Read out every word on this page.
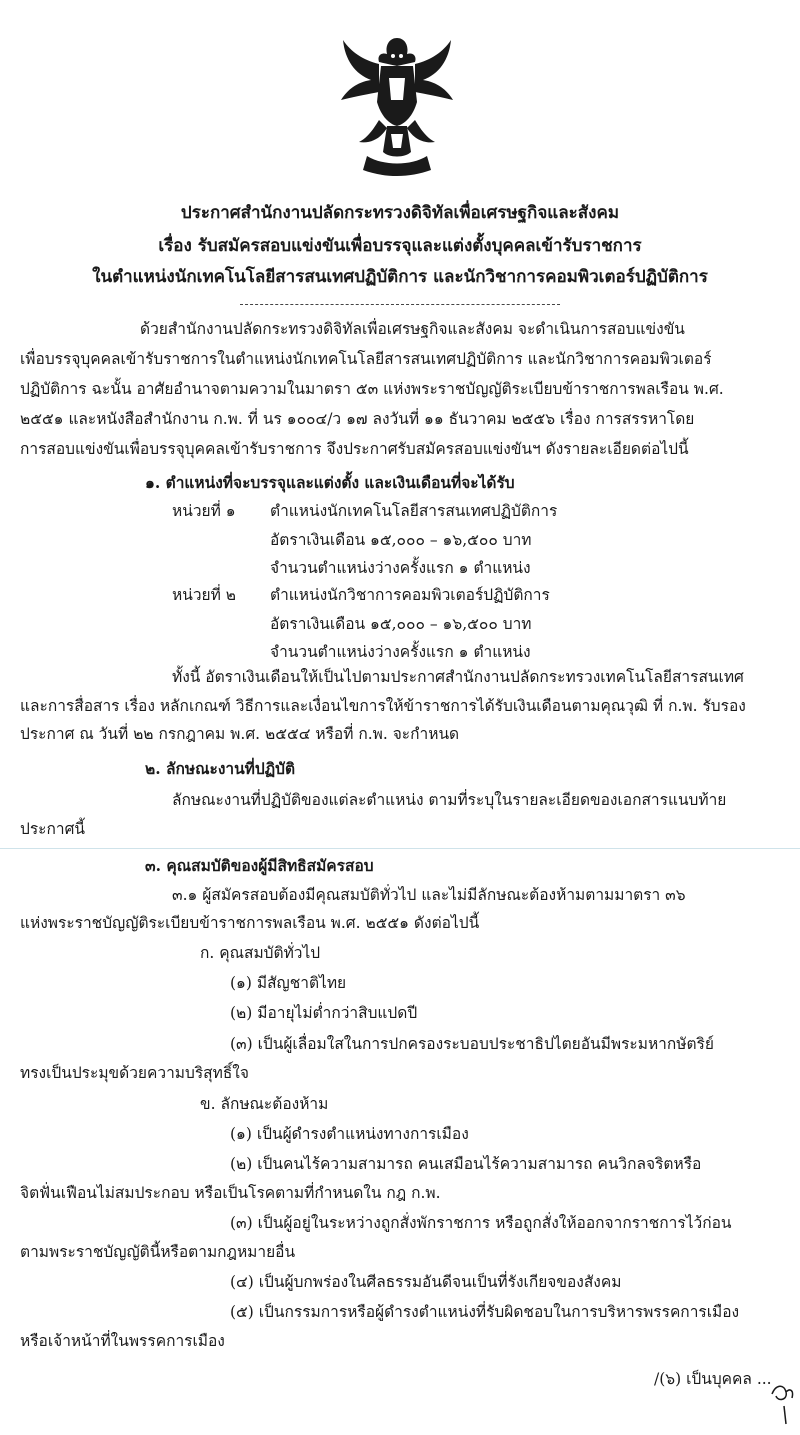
ประกาศสำนักงานปลัดกระทรวงดิจิทัลเพื่อเศรษฐกิจและสังคม
เรื่อง รับสมัครสอบแข่งขันเพื่อบรรจุและแต่งตั้งบุคคลเข้ารับราชการ
ในตำแหน่งนักเทคโนโลยีสารสนเทศปฏิบัติการ และนักวิชาการคอมพิวเตอร์ปฏิบัติการ
ด้วยสำนักงานปลัดกระทรวงดิจิทัลเพื่อเศรษฐกิจและสังคม จะดำเนินการสอบแข่งขัน
เพื่อบรรจุบุคคลเข้ารับราชการในตำแหน่งนักเทคโนโลยีสารสนเทศปฏิบัติการ และนักวิชาการคอมพิวเตอร์
ปฏิบัติการ ฉะนั้น อาศัยอำนาจตามความในมาตรา ๕๓ แห่งพระราชบัญญัติระเบียบข้าราชการพลเรือน พ.ศ.
๒๕๕๑ และหนังสือสำนักงาน ก.พ. ที่ นร ๑๐๐๔/ว ๑๗ ลงวันที่ ๑๑ ธันวาคม ๒๕๕๖ เรื่อง การสรรหาโดย
การสอบแข่งขันเพื่อบรรจุบุคคลเข้ารับราชการ จึงประกาศรับสมัครสอบแข่งขันฯ ดังรายละเอียดต่อไปนี้
๑. ตำแหน่งที่จะบรรจุและแต่งตั้ง และเงินเดือนที่จะได้รับ
หน่วยที่ ๑ ตำแหน่งนักเทคโนโลยีสารสนเทศปฏิบัติการ
อัตราเงินเดือน ๑๕,๐๐๐ – ๑๖,๕๐๐ บาท
จำนวนตำแหน่งว่างครั้งแรก ๑ ตำแหน่ง
หน่วยที่ ๒ ตำแหน่งนักวิชาการคอมพิวเตอร์ปฏิบัติการ
อัตราเงินเดือน ๑๕,๐๐๐ – ๑๖,๕๐๐ บาท
จำนวนตำแหน่งว่างครั้งแรก ๑ ตำแหน่ง
ทั้งนี้ อัตราเงินเดือนให้เป็นไปตามประกาศสำนักงานปลัดกระทรวงเทคโนโลยีสารสนเทศ
และการสื่อสาร เรื่อง หลักเกณฑ์ วิธีการและเงื่อนไขการให้ข้าราชการได้รับเงินเดือนตามคุณวุฒิ ที่ ก.พ. รับรอง
ประกาศ ณ วันที่ ๒๒ กรกฎาคม พ.ศ. ๒๕๕๔ หรือที่ ก.พ. จะกำหนด
๒. ลักษณะงานที่ปฏิบัติ
ลักษณะงานที่ปฏิบัติของแต่ละตำแหน่ง ตามที่ระบุในรายละเอียดของเอกสารแนบท้าย
ประกาศนี้
๓. คุณสมบัติของผู้มีสิทธิสมัครสอบ
๓.๑ ผู้สมัครสอบต้องมีคุณสมบัติทั่วไป และไม่มีลักษณะต้องห้ามตามมาตรา ๓๖
แห่งพระราชบัญญัติระเบียบข้าราชการพลเรือน พ.ศ. ๒๕๕๑ ดังต่อไปนี้
ก. คุณสมบัติทั่วไป
(๑) มีสัญชาติไทย
(๒) มีอายุไม่ต่ำกว่าสิบแปดปี
(๓) เป็นผู้เลื่อมใสในการปกครองระบอบประชาธิปไตยอันมีพระมหากษัตริย์
ทรงเป็นประมุขด้วยความบริสุทธิ์ใจ
ข. ลักษณะต้องห้าม
(๑) เป็นผู้ดำรงตำแหน่งทางการเมือง
(๒) เป็นคนไร้ความสามารถ คนเสมือนไร้ความสามารถ คนวิกลจริตหรือ
จิตฟั่นเฟือนไม่สมประกอบ หรือเป็นโรคตามที่กำหนดใน กฎ ก.พ.
(๓) เป็นผู้อยู่ในระหว่างถูกสั่งพักราชการ หรือถูกสั่งให้ออกจากราชการไว้ก่อน
ตามพระราชบัญญัตินี้หรือตามกฎหมายอื่น
(๔) เป็นผู้บกพร่องในศีลธรรมอันดีจนเป็นที่รังเกียจของสังคม
(๕) เป็นกรรมการหรือผู้ดำรงตำแหน่งที่รับผิดชอบในการบริหารพรรคการเมือง
หรือเจ้าหน้าที่ในพรรคการเมือง
/(๖) เป็นบุคคล ...
